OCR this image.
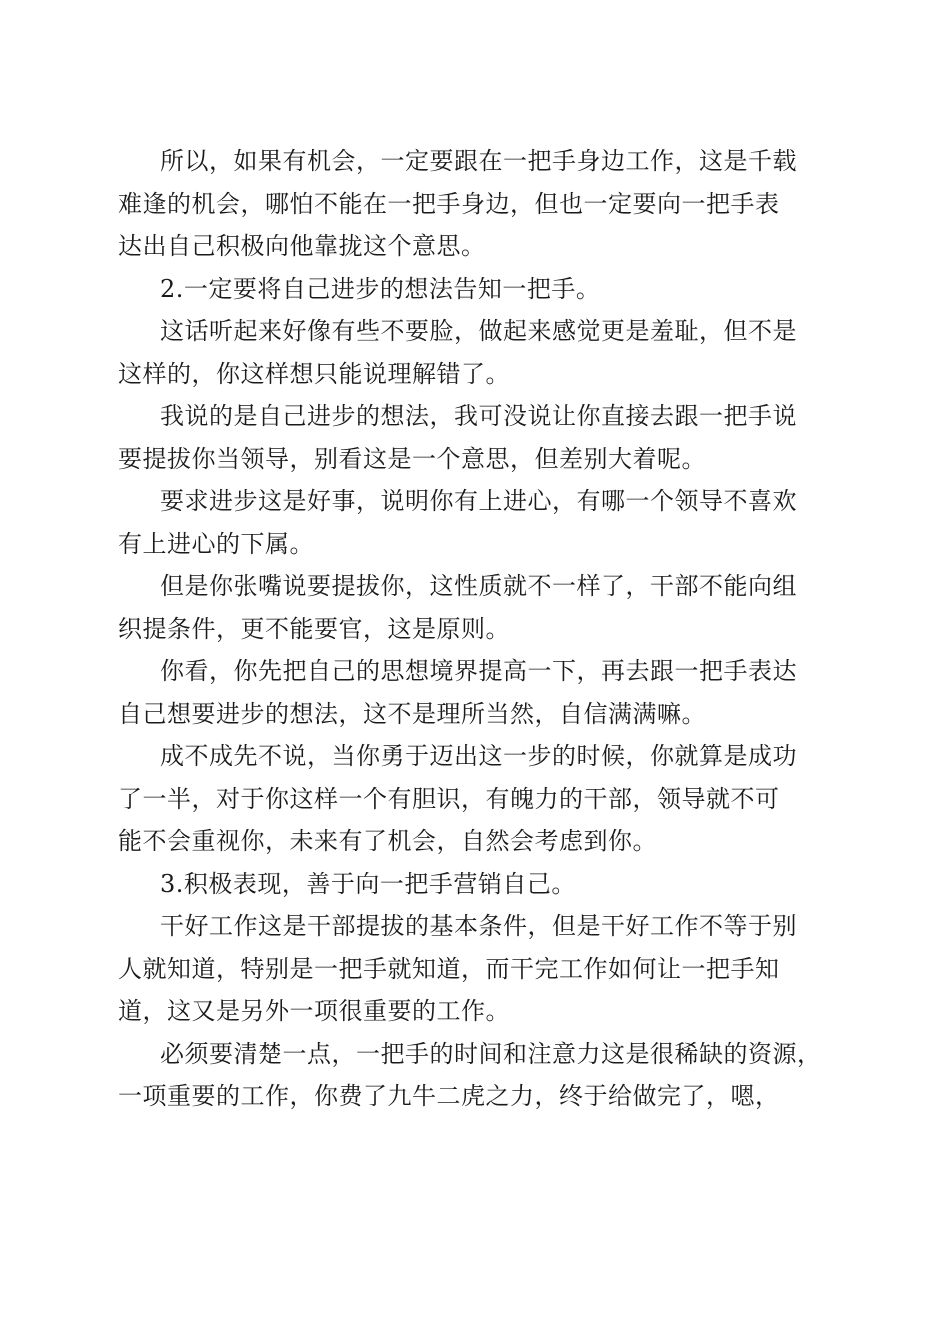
所以，如果有机会，一定要跟在一把手身边工作，这是千载
难逢的机会，哪怕不能在一把手身边，但也一定要向一把手表
达出自己积极向他靠拢这个意思。

2.一定要将自己进步的想法告知一把手。

这话听起来好像有些不要脸，做起来感觉更是羞耻，但不是
这样的，你这样想只能说理解错了。

我说的是自己进步的想法，我可没说让你直接去跟一把手说
要提拔你当领导，别看这是一个意思，但差别大着呢。

要求进步这是好事，说明你有上进心，有哪一个领导不喜欢
有上进心的下属。

但是你张嘴说要提拔你，这性质就不一样了，干部不能向组
织提条件，更不能要官，这是原则。

你看，你先把自己的思想境界提高一下，再去跟一把手表达
自己想要进步的想法，这不是理所当然，自信满满嘛。

成不成先不说，当你勇于迈出这一步的时候，你就算是成功
了一半，对于你这样一个有胆识，有魄力的干部，领导就不可
能不会重视你，未来有了机会，自然会考虑到你。

3.积极表现，善于向一把手营销自己。

干好工作这是干部提拔的基本条件，但是干好工作不等于别
人就知道，特别是一把手就知道，而干完工作如何让一把手知
道，这又是另外一项很重要的工作。

必须要清楚一点，一把手的时间和注意力这是很稀缺的资源，
一项重要的工作，你费了九牛二虎之力，终于给做完了，嗯，
